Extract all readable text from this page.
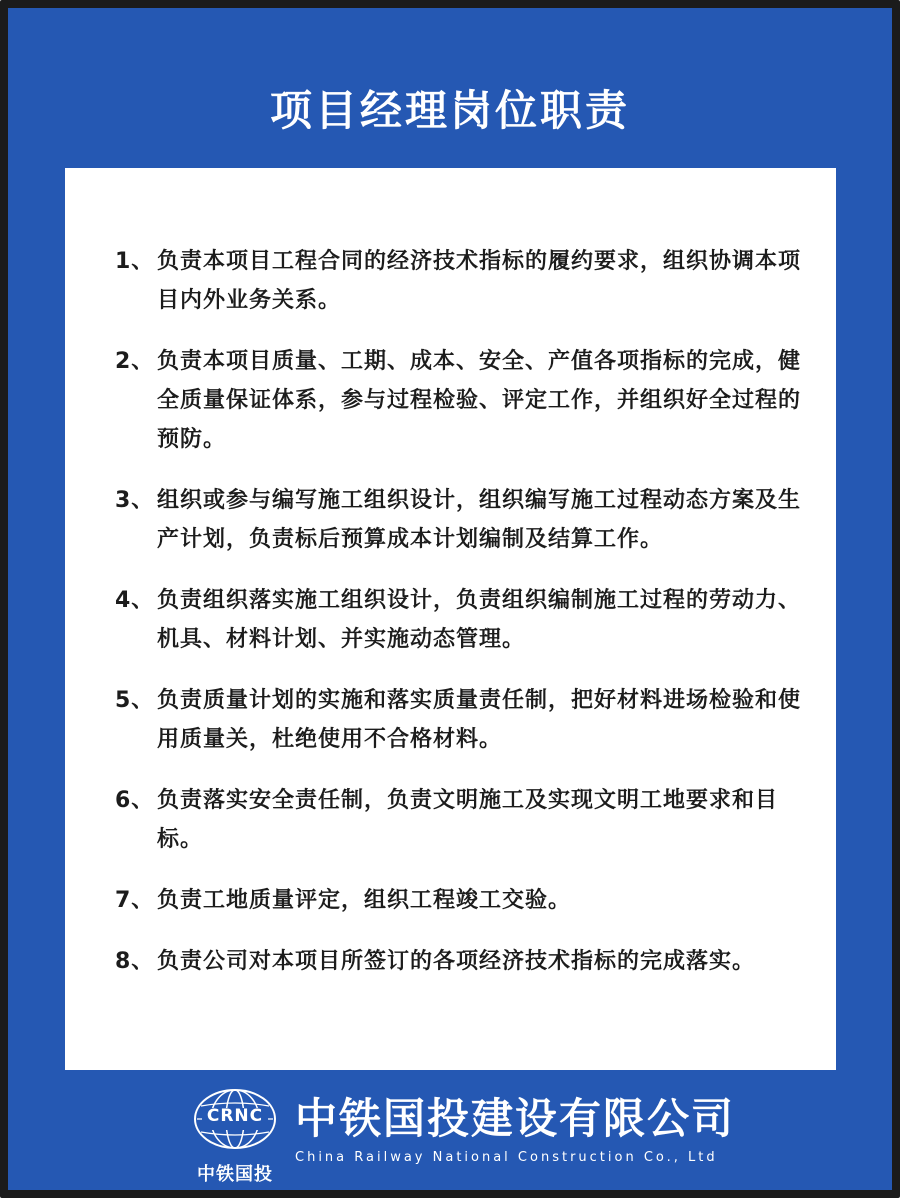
项目经理岗位职责
1、 负责本项目工程合同的经济技术指标的履约要求，组织协调本项目内外业务关系。
2、 负责本项目质量、工期、成本、安全、产值各项指标的完成，健全质量保证体系，参与过程检验、评定工作，并组织好全过程的预防。
3、 组织或参与编写施工组织设计，组织编写施工过程动态方案及生产计划，负责标后预算成本计划编制及结算工作。
4、 负责组织落实施工组织设计，负责组织编制施工过程的劳动力、机具、材料计划、并实施动态管理。
5、 负责质量计划的实施和落实质量责任制，把好材料进场检验和使用质量关，杜绝使用不合格材料。
6、 负责落实安全责任制，负责文明施工及实现文明工地要求和目标。
7、 负责工地质量评定，组织工程竣工交验。
8、 负责公司对本项目所签订的各项经济技术指标的完成落实。
CRNC
中铁国投
中铁国投建设有限公司
China Railway National Construction Co., Ltd
